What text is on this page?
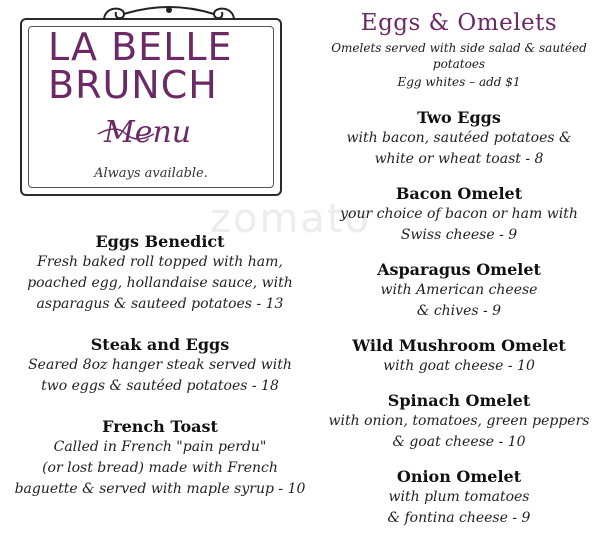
LA BELLE
BRUNCH
Menu
Always available.
zomato
Eggs Benedict
Fresh baked roll topped with ham,
poached egg, hollandaise sauce, with
asparagus & sauteed potatoes - 13
Steak and Eggs
Seared 8oz hanger steak served with
two eggs & sautéed potatoes - 18
French Toast
Called in French "pain perdu"
(or lost bread) made with French
baguette & served with maple syrup - 10
Eggs & Omelets
Omelets served with side salad & sautéed potatoes
Egg whites – add $1
Two Eggs
with bacon, sautéed potatoes &
white or wheat toast - 8
Bacon Omelet
your choice of bacon or ham with
Swiss cheese - 9
Asparagus Omelet
with American cheese
& chives - 9
Wild Mushroom Omelet
with goat cheese - 10
Spinach Omelet
with onion, tomatoes, green peppers
& goat cheese - 10
Onion Omelet
with plum tomatoes
& fontina cheese - 9
